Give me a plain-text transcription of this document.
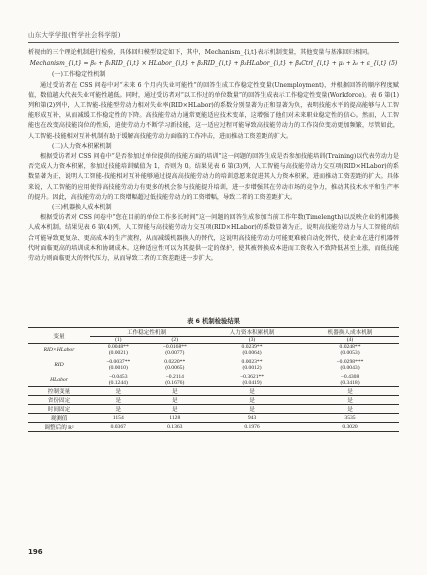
山东大学学报(哲学社会科学版)

析视由的三个理论机制进行检验，具体回归模型设定如下，其中，Mechanism_{i,t}表示机制变量，其他变量与基准回归相同。

Mechanism_{i,t} = β₀ + β₁RID_{i,t} × HLabor_{i,t} + β₂RID_{i,t} + β₃HLabor_{i,t} + β₄Ctrl_{i,t} + μᵢ + λₜ + ε_{i,t} (5)

(一)工作稳定性机制

通过受访者在 CSS 问卷中对“未来 6 个月内失业可能性”的回答生成工作稳定性变量(Unemployment)，并根据回答的顺序程度赋值，数值越大代表失业可能性越低。同时，通过受访者对“以工作过的单位数量”的回答生成表示工作稳定性变量(Workforce)。表 6 第(1)列和第(2)列中，人工智能-技能型劳动力相对失业率(RID×HLabor)的系数分别显著为正和显著为负，表明技能水平的提高能够与人工智能形成互补，从而减缓工作稳定性的下降。高技能劳动力通常更能适应技术变革，这增强了他们对未来职业稳定性的信心。然而，人工智能也在改变高技能岗位的性质，迫使劳动力不断学习新技能，这一适应过程可能导致高技能劳动力的工作岗位变动更加频繁，尽管如此，人工智能-技能相对互补机制有助于缓解高技能劳动力面临的工作冲击，进而推动工资差距的扩大。

(二)人力资本积累机制

根据受访者对 CSS 问卷中“是否参加过单位提供的技能方面的培训”这一问题的回答生成是否参加技能培训(Training)以代表劳动力是否完成人力资本积累，参加过技能培训赋值为 1，否则为 0。结果见表 6 第(3)列，人工智能与高技能劳动力交互项(RID×HLabor)的系数显著为正，说明人工智能-技能相对互补能够通过提高高技能劳动力的培训意愿来促进其人力资本积累，进而推动工资差距的扩大。具体来说，人工智能的应用使得高技能劳动力有更多的机会参与技能提升培训，进一步增强其在劳动市场的竞争力，推动其技术水平和生产率的提升。因此，高技能劳动力的工资增幅超过低技能劳动力的工资增幅，导致二者的工资差距扩大。

(三)机器换人成本机制

根据受访者对 CSS 问卷中“您在目前的单位工作多长时间”这一问题的回答生成参加当前工作年数(Timelength)以反映企业的机器换人成本机制。结果见表 6 第(4)列，人工智能与高技能劳动力交互项(RID×HLabor)的系数显著为正，说明高技能劳动力与人工智能的结合可能导致更复杂、更高成本的生产流程，从而减缓机器换人的替代，这说明高技能劳动力可能更难被自动化替代，使企业在进行机器替代时面临更高的培训成本和协调成本。这种适应性可以为其提供一定的保护，使其被替换成本进而工资收入不致降低甚至上涨，而低技能劳动力则面临更大的替代压力，从而导致二者的工资差距进一步扩大。

表 6 机制检验结果
变量	工作稳定性机制		人力资本积累机制	机器换人成本机制
	(1)	(2)	(3)	(4)
RID×HLabor	0.0048**	−0.0168**	0.0239**	0.0248**
	(0.0021)	(0.0077)	(0.0064)	(0.0053)
RID	−0.0037**	0.0220**	0.0023**	−0.0298***
	(0.0010)	(0.0065)	(0.0012)	(0.0043)
HLabor	−0.0453	−0.2114	−0.3621**	−0.4308
	(0.1244)	(0.1676)	(0.0419)	(0.3418)
控制变量	是	是	是	是
省份固定	是	是	是	是
时间固定	是	是	是	是
观测值	1154	1128	943	3535
调整后的 R²	0.0367	0.1363	0.1976	0.3020
196
